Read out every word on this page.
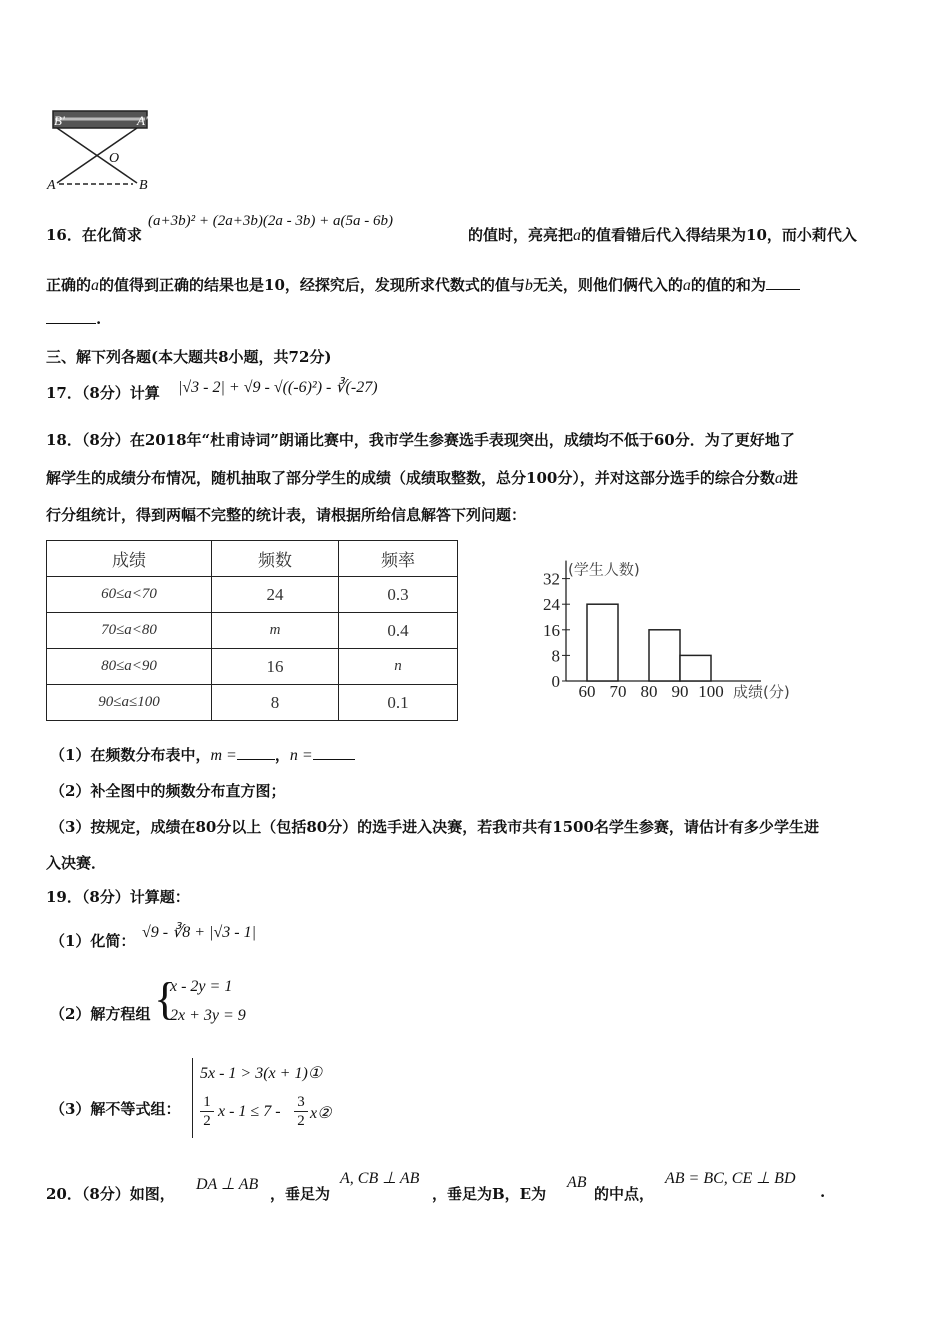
B'	A'
O
A	B
16．在化简求
(a+3b)² + (2a+3b)(2a - 3b) + a(5a - 6b)
的值时，亮亮把a的值看错后代入得结果为10，而小莉代入
正确的a的值得到正确的结果也是10，经探究后，发现所求代数式的值与b无关，则他们俩代入的a的值的和为
.
三、解下列各题(本大题共8小题，共72分)
17．（8分）计算 |√3 - 2| + √9 - √((-6)²) - ∛(-27)
18．（8分）在2018年“杜甫诗词”朗诵比赛中，我市学生参赛选手表现突出，成绩均不低于60分．为了更好地了
解学生的成绩分布情况，随机抽取了部分学生的成绩（成绩取整数，总分100分），并对这部分选手的综合分数a进
行分组统计，得到两幅不完整的统计表，请根据所给信息解答下列问题：
成绩	频数	频率
60≤a<70	24	0.3
70≤a<80	m	0.4
80≤a<90	16	n
90≤a≤100	8	0.1
0
8
16
24
32 (学生人数)
60 70 80 90 100 成绩(分)
（1）在频数分布表中，m =	，n =
（2）补全图中的频数分布直方图；
（3）按规定，成绩在80分以上（包括80分）的选手进入决赛，若我市共有1500名学生参赛，请估计有多少学生进
入决赛．
19．（8分）计算题：
（1）化简： √9 - ∛8 + |√3 - 1|
（2）解方程组 {
x - 2y = 1
2x + 3y = 9
（3）解不等式组：
5x - 1 > 3(x + 1)①
1
2
x - 1 ≤ 7 -
3
2 x②
20．（8分）如图，
DA ⊥ AB
，垂足为
A, CB ⊥ AB
，垂足为B，E为
AB
的中点，
AB = BC, CE ⊥ BD
.
